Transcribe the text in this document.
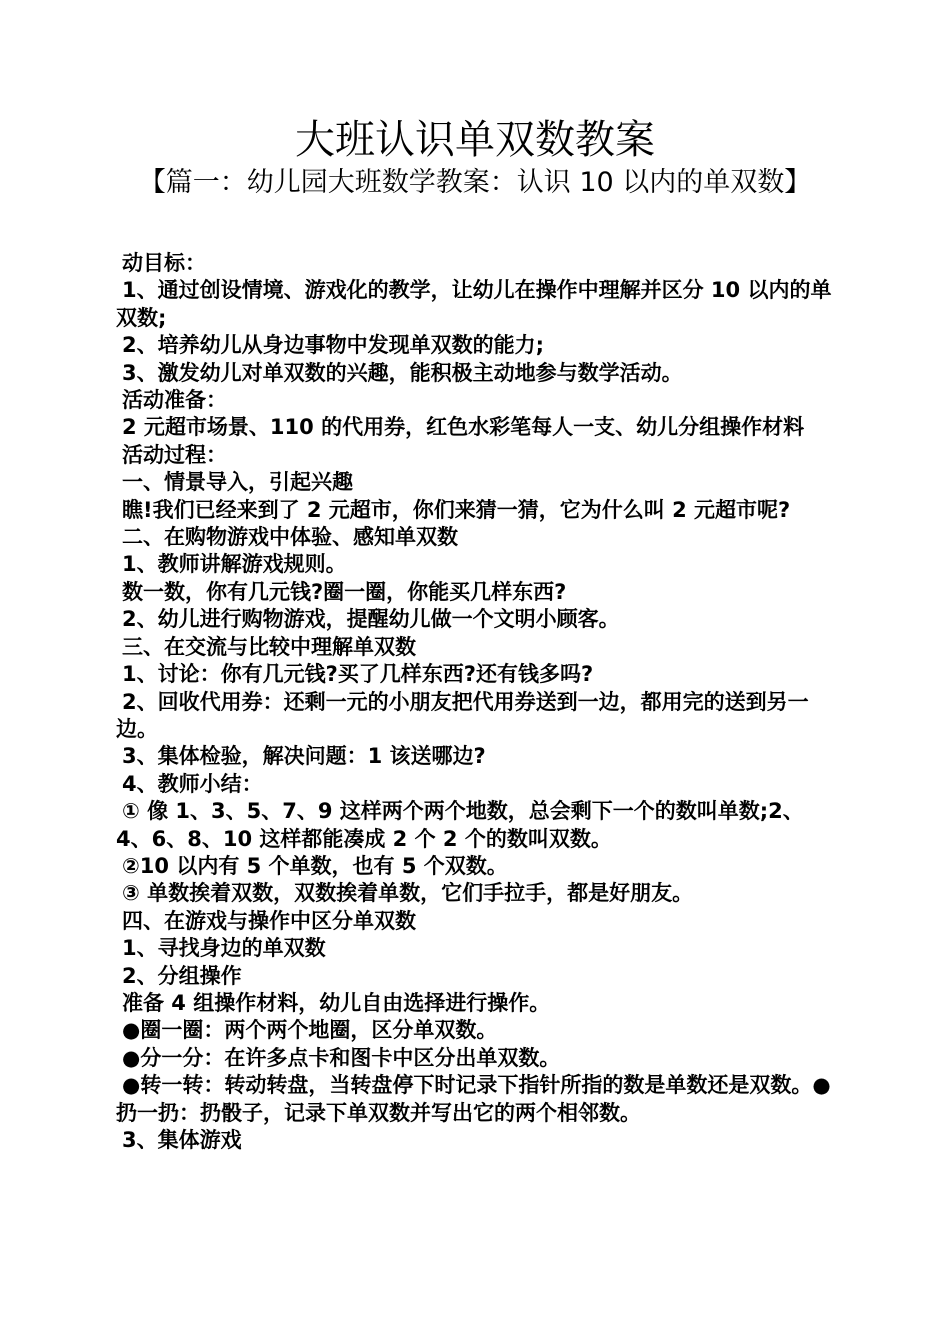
大班认识单双数教案
【篇一：幼儿园大班数学教案：认识 10 以内的单双数】

动目标：

1、通过创设情境、游戏化的教学，让幼儿在操作中理解并区分 10 以内的单双数;

2、培养幼儿从身边事物中发现单双数的能力;

3、激发幼儿对单双数的兴趣，能积极主动地参与数学活动。

活动准备：

2 元超市场景、110 的代用券，红色水彩笔每人一支、幼儿分组操作材料

活动过程：

一、情景导入，引起兴趣

瞧!我们已经来到了 2 元超市，你们来猜一猜，它为什么叫 2 元超市呢?

二、在购物游戏中体验、感知单双数

1、教师讲解游戏规则。

数一数，你有几元钱?圈一圈，你能买几样东西?

2、幼儿进行购物游戏，提醒幼儿做一个文明小顾客。

三、在交流与比较中理解单双数

1、讨论：你有几元钱?买了几样东西?还有钱多吗?

2、回收代用券：还剩一元的小朋友把代用券送到一边，都用完的送到另一边。

3、集体检验，解决问题：1 该送哪边?

4、教师小结：

① 像 1、3、5、7、9 这样两个两个地数，总会剩下一个的数叫单数;2、4、6、8、10 这样都能凑成 2 个 2 个的数叫双数。

②10 以内有 5 个单数，也有 5 个双数。

③ 单数挨着双数，双数挨着单数，它们手拉手，都是好朋友。

四、在游戏与操作中区分单双数

1、寻找身边的单双数

2、分组操作

准备 4 组操作材料，幼儿自由选择进行操作。

●圈一圈：两个两个地圈，区分单双数。

●分一分：在许多点卡和图卡中区分出单双数。

●转一转：转动转盘，当转盘停下时记录下指针所指的数是单数还是双数。●扔一扔：扔骰子，记录下单双数并写出它的两个相邻数。

3、集体游戏
